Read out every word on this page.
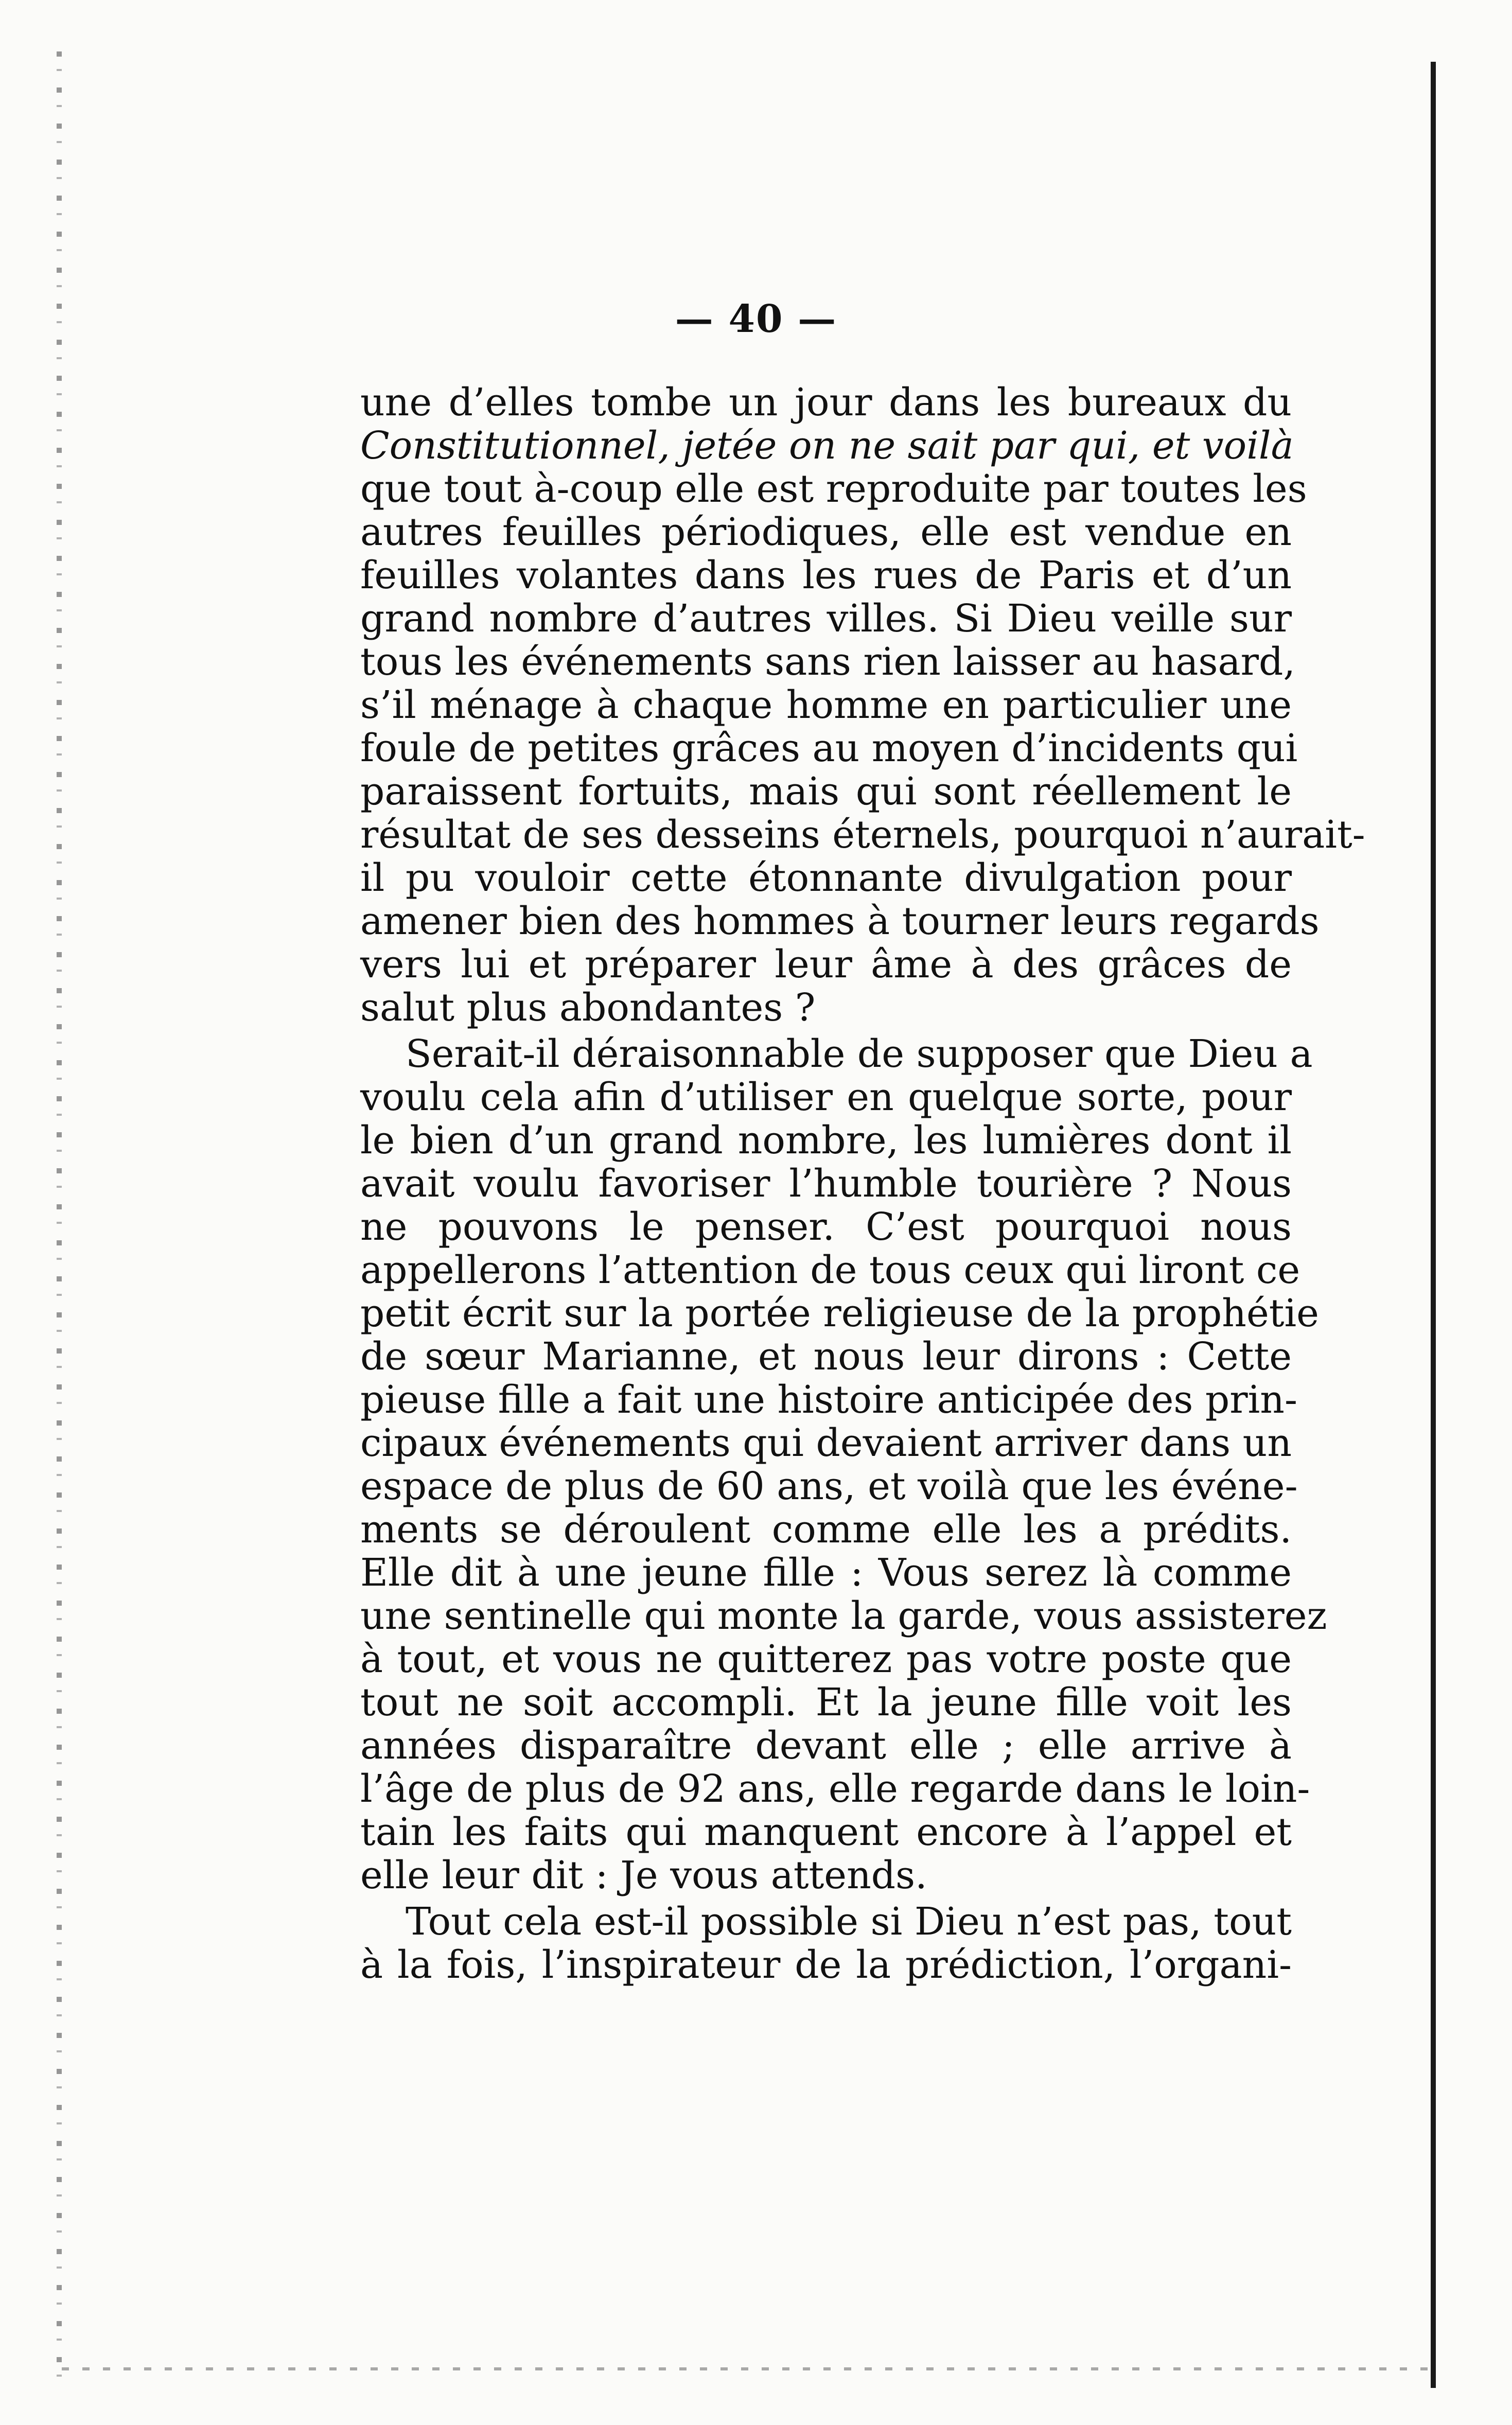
— 40 —
une d’elles tombe un jour dans les bureaux du
Constitutionnel, jetée on ne sait par qui, et voilà
que tout à-coup elle est reproduite par toutes les
autres feuilles périodiques, elle est vendue en
feuilles volantes dans les rues de Paris et d’un
grand nombre d’autres villes. Si Dieu veille sur
tous les événements sans rien laisser au hasard,
s’il ménage à chaque homme en particulier une
foule de petites grâces au moyen d’incidents qui
paraissent fortuits, mais qui sont réellement le
résultat de ses desseins éternels, pourquoi n’aurait-
il pu vouloir cette étonnante divulgation pour
amener bien des hommes à tourner leurs regards
vers lui et préparer leur âme à des grâces de
salut plus abondantes ?
Serait-il déraisonnable de supposer que Dieu a
voulu cela afin d’utiliser en quelque sorte, pour
le bien d’un grand nombre, les lumières dont il
avait voulu favoriser l’humble tourière ? Nous
ne pouvons le penser. C’est pourquoi nous
appellerons l’attention de tous ceux qui liront ce
petit écrit sur la portée religieuse de la prophétie
de sœur Marianne, et nous leur dirons : Cette
pieuse fille a fait une histoire anticipée des prin-
cipaux événements qui devaient arriver dans un
espace de plus de 60 ans, et voilà que les événe-
ments se déroulent comme elle les a prédits.
Elle dit à une jeune fille : Vous serez là comme
une sentinelle qui monte la garde, vous assisterez
à tout, et vous ne quitterez pas votre poste que
tout ne soit accompli. Et la jeune fille voit les
années disparaître devant elle ; elle arrive à
l’âge de plus de 92 ans, elle regarde dans le loin-
tain les faits qui manquent encore à l’appel et
elle leur dit : Je vous attends.
Tout cela est-il possible si Dieu n’est pas, tout
à la fois, l’inspirateur de la prédiction, l’organi-
